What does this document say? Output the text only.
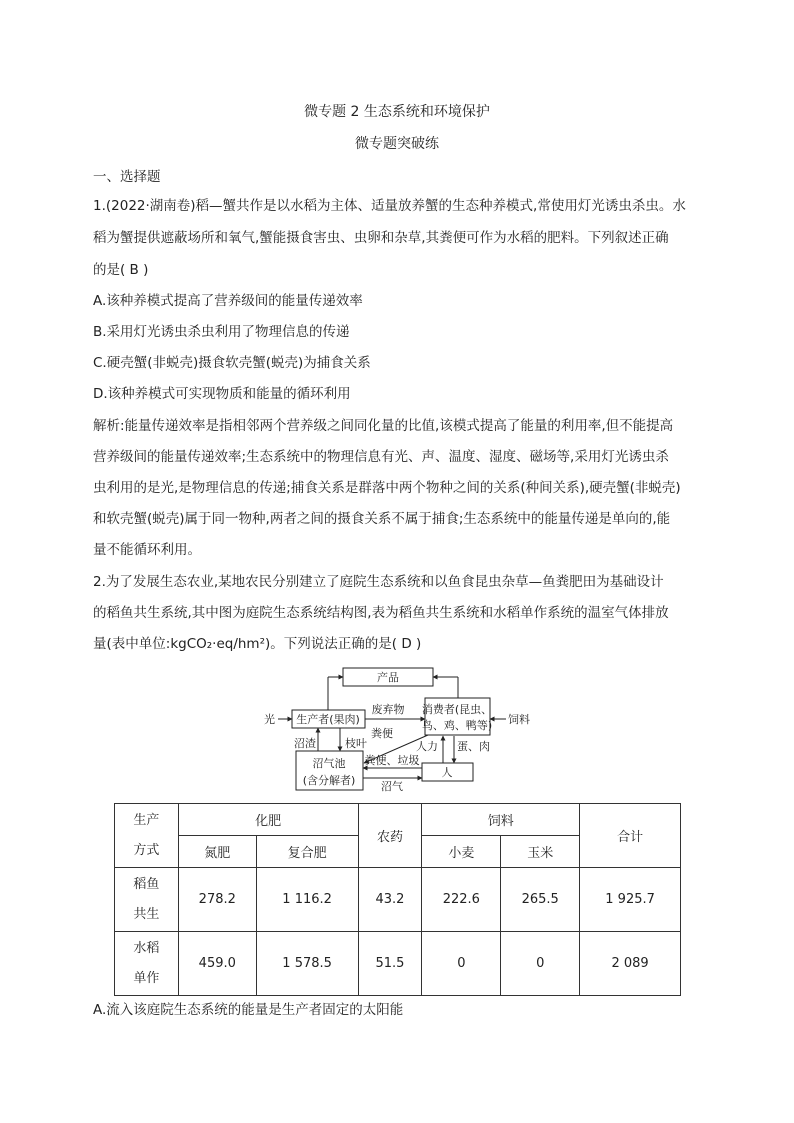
微专题 2 生态系统和环境保护
微专题突破练
一、选择题
1.(2022·湖南卷)稻—蟹共作是以水稻为主体、适量放养蟹的生态种养模式,常使用灯光诱虫杀虫。水
稻为蟹提供遮蔽场所和氧气,蟹能摄食害虫、虫卵和杂草,其粪便可作为水稻的肥料。下列叙述正确
的是( B )
A.该种养模式提高了营养级间的能量传递效率
B.采用灯光诱虫杀虫利用了物理信息的传递
C.硬壳蟹(非蜕壳)摄食软壳蟹(蜕壳)为捕食关系
D.该种养模式可实现物质和能量的循环利用
解析:能量传递效率是指相邻两个营养级之间同化量的比值,该模式提高了能量的利用率,但不能提高
营养级间的能量传递效率;生态系统中的物理信息有光、声、温度、湿度、磁场等,采用灯光诱虫杀
虫利用的是光,是物理信息的传递;捕食关系是群落中两个物种之间的关系(种间关系),硬壳蟹(非蜕壳)
和软壳蟹(蜕壳)属于同一物种,两者之间的摄食关系不属于捕食;生态系统中的能量传递是单向的,能
量不能循环利用。
2.为了发展生态农业,某地农民分别建立了庭院生态系统和以鱼食昆虫杂草—鱼粪肥田为基础设计
的稻鱼共生系统,其中图为庭院生态系统结构图,表为稻鱼共生系统和水稻单作系统的温室气体排放
量(表中单位:kgCO₂·eq/hm²)。下列说法正确的是( D )
产品
光 生产者(果肉)
废弃物 消费者(昆虫、
鸟、鸡、鸭等) 饲料
粪便
沼渣	枝叶	人力 蛋、肉
沼气池
(含分解者)
粪便、垃圾
人
沼气
生产
方式	化肥		农药	饲料		合计
	氮肥	复合肥		小麦	玉米	

稻鱼
共生	278.2	1 116.2	43.2	222.6	265.5	1 925.7

水稻
单作	459.0	1 578.5	51.5	0	0	2 089
A.流入该庭院生态系统的能量是生产者固定的太阳能
